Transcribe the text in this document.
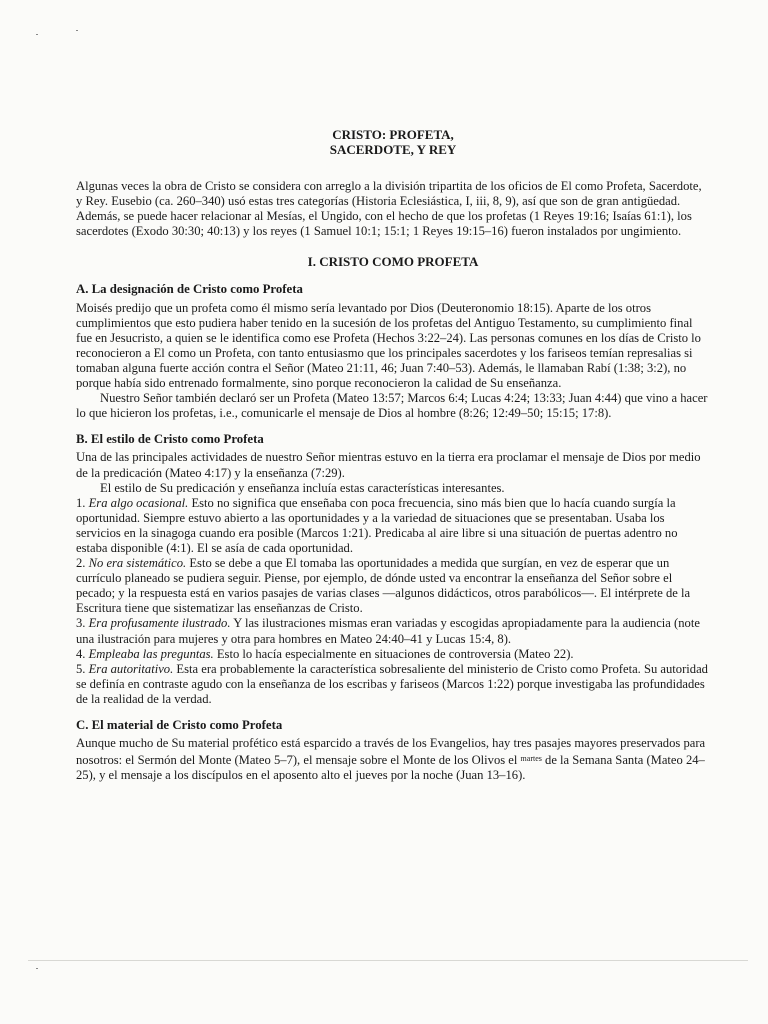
CRISTO: PROFETA,
SACERDOTE, Y REY

Algunas veces la obra de Cristo se considera con arreglo a la división tripartita de los oficios de El como Profeta, Sacerdote, y Rey. Eusebio (ca. 260–340) usó estas tres categorías (Historia Eclesiástica, I, iii, 8, 9), así que son de gran antigüedad. Además, se puede hacer relacionar al Mesías, el Ungido, con el hecho de que los profetas (1 Reyes 19:16; Isaías 61:1), los sacerdotes (Exodo 30:30; 40:13) y los reyes (1 Samuel 10:1; 15:1; 1 Reyes 19:15–16) fueron instalados por ungimiento.

I. CRISTO COMO PROFETA
A. La designación de Cristo como Profeta

Moisés predijo que un profeta como él mismo sería levantado por Dios (Deuteronomio 18:15). Aparte de los otros cumplimientos que esto pudiera haber tenido en la sucesión de los profetas del Antiguo Testamento, su cumplimiento final fue en Jesucristo, a quien se le identifica como ese Profeta (Hechos 3:22–24). Las personas comunes en los días de Cristo lo reconocieron a El como un Profeta, con tanto entusiasmo que los principales sacerdotes y los fariseos temían represalias si tomaban alguna fuerte acción contra el Señor (Mateo 21:11, 46; Juan 7:40–53). Además, le llamaban Rabí (1:38; 3:2), no porque había sido entrenado formalmente, sino porque reconocieron la calidad de Su enseñanza.

Nuestro Señor también declaró ser un Profeta (Mateo 13:57; Marcos 6:4; Lucas 4:24; 13:33; Juan 4:44) que vino a hacer lo que hicieron los profetas, i.e., comunicarle el mensaje de Dios al hombre (8:26; 12:49–50; 15:15; 17:8).

B. El estilo de Cristo como Profeta

Una de las principales actividades de nuestro Señor mientras estuvo en la tierra era proclamar el mensaje de Dios por medio de la predicación (Mateo 4:17) y la enseñanza (7:29).

El estilo de Su predicación y enseñanza incluía estas características interesantes.

1. Era algo ocasional. Esto no significa que enseñaba con poca frecuencia, sino más bien que lo hacía cuando surgía la oportunidad. Siempre estuvo abierto a las oportunidades y a la variedad de situaciones que se presentaban. Usaba los servicios en la sinagoga cuando era posible (Marcos 1:21). Predicaba al aire libre si una situación de puertas adentro no estaba disponible (4:1). El se asía de cada oportunidad.

2. No era sistemático. Esto se debe a que El tomaba las oportunidades a medida que surgían, en vez de esperar que un currículo planeado se pudiera seguir. Piense, por ejemplo, de dónde usted va encontrar la enseñanza del Señor sobre el pecado; y la respuesta está en varios pasajes de varias clases —algunos didácticos, otros parabólicos—. El intérprete de la Escritura tiene que sistematizar las enseñanzas de Cristo.

3. Era profusamente ilustrado. Y las ilustraciones mismas eran variadas y escogidas apropiadamente para la audiencia (note una ilustración para mujeres y otra para hombres en Mateo 24:40–41 y Lucas 15:4, 8).

4. Empleaba las preguntas. Esto lo hacía especialmente en situaciones de controversia (Mateo 22).

5. Era autoritativo. Esta era probablemente la característica sobresaliente del ministerio de Cristo como Profeta. Su autoridad se definía en contraste agudo con la enseñanza de los escribas y fariseos (Marcos 1:22) porque investigaba las profundidades de la realidad de la verdad.

C. El material de Cristo como Profeta

Aunque mucho de Su material profético está esparcido a través de los Evangelios, hay tres pasajes mayores preservados para nosotros: el Sermón del Monte (Mateo 5–7), el mensaje sobre el Monte de los Olivos el $^{martes}$ de la Semana Santa (Mateo 24–25), y el mensaje a los discípulos en el aposento alto el jueves por la noche (Juan 13–16).
